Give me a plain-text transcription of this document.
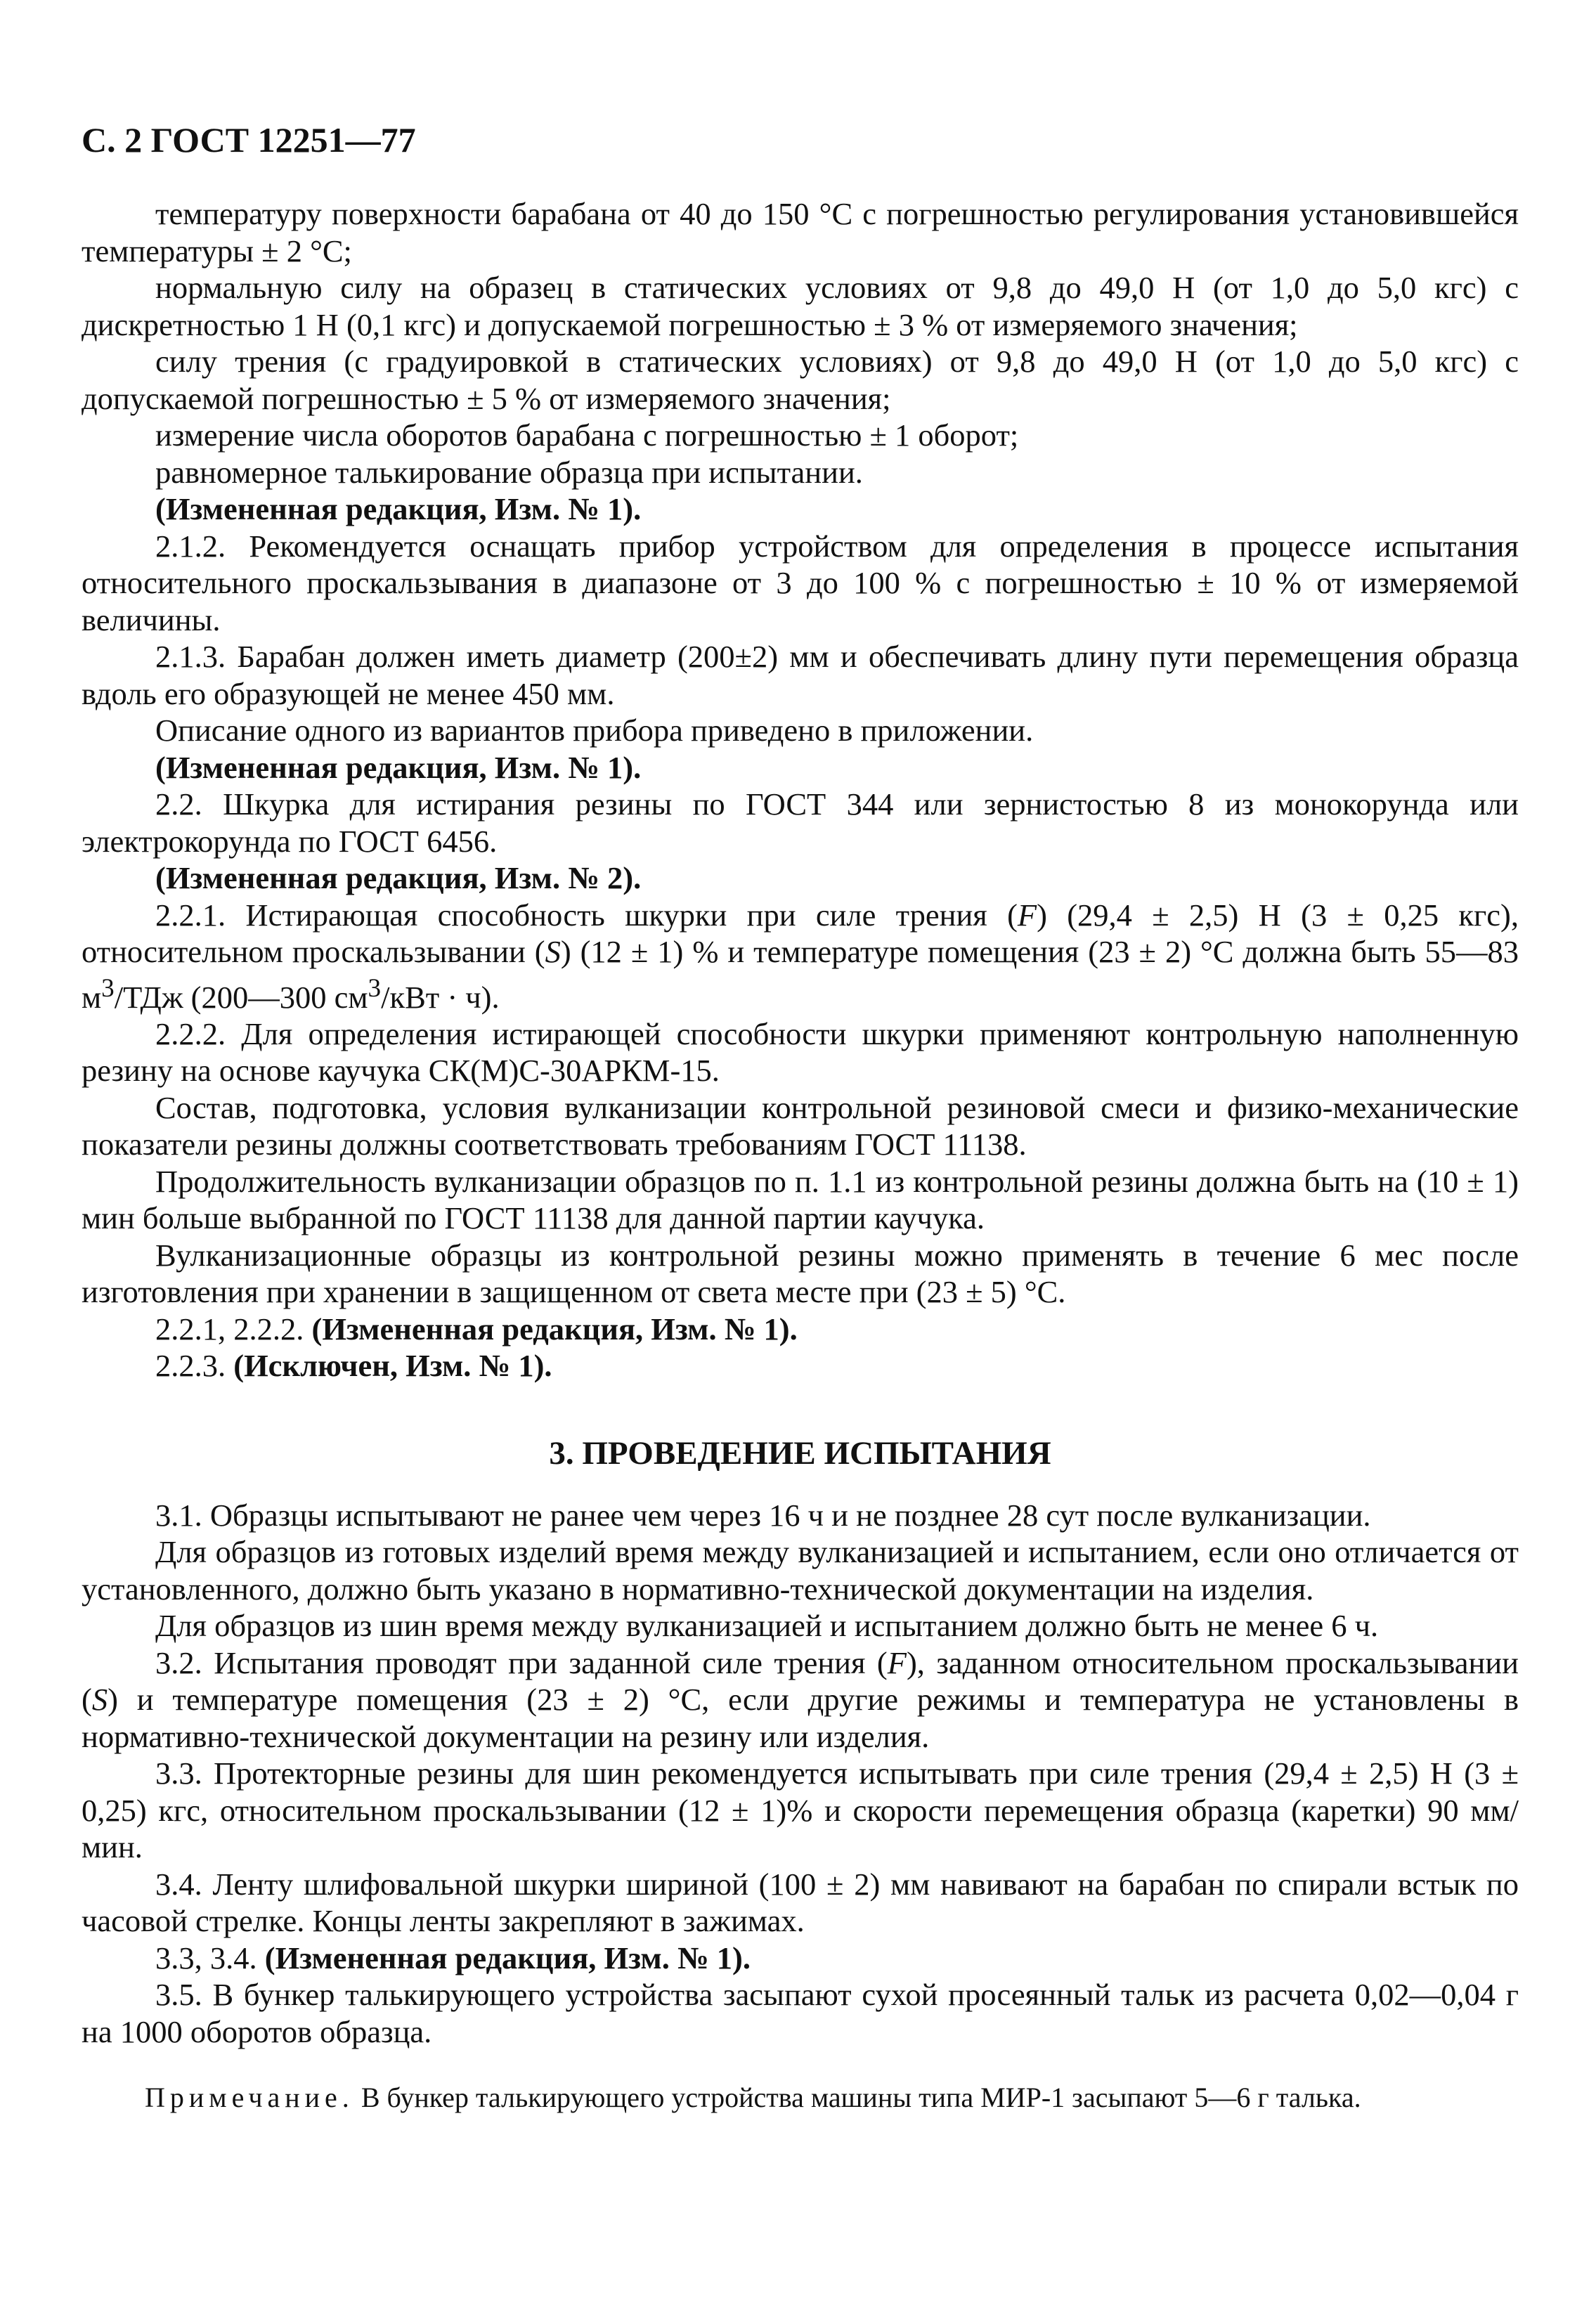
С. 2 ГОСТ 12251—77

температуру поверхности барабана от 40 до 150 °С с погрешностью регулирования установившейся температуры ± 2 °С;

нормальную силу на образец в статических условиях от 9,8 до 49,0 Н (от 1,0 до 5,0 кгс) с дискретностью 1 Н (0,1 кгс) и допускаемой погрешностью ± 3 % от измеряемого значения;

силу трения (с градуировкой в статических условиях) от 9,8 до 49,0 Н (от 1,0 до 5,0 кгс) с допускаемой погрешностью ± 5 % от измеряемого значения;

измерение числа оборотов барабана с погрешностью ± 1 оборот;

равномерное талькирование образца при испытании.

(Измененная редакция, Изм. № 1).

2.1.2. Рекомендуется оснащать прибор устройством для определения в процессе испытания относительного проскальзывания в диапазоне от 3 до 100 % с погрешностью ± 10 % от измеряемой величины.

2.1.3. Барабан должен иметь диаметр (200±2) мм и обеспечивать длину пути перемещения образца вдоль его образующей не менее 450 мм.

Описание одного из вариантов прибора приведено в приложении.

(Измененная редакция, Изм. № 1).

2.2. Шкурка для истирания резины по ГОСТ 344 или зернистостью 8 из монокорунда или электрокорунда по ГОСТ 6456.

(Измененная редакция, Изм. № 2).

2.2.1. Истирающая способность шкурки при силе трения (F) (29,4 ± 2,5) Н (3 ± 0,25 кгс), относительном проскальзывании (S) (12 ± 1) % и температуре помещения (23 ± 2) °С должна быть 55—83 $м^3$/ТДж (200—300 $см^3$/кВт · ч).

2.2.2. Для определения истирающей способности шкурки применяют контрольную наполненную резину на основе каучука СК(М)С-30АРКМ-15.

Состав, подготовка, условия вулканизации контрольной резиновой смеси и физико-механические показатели резины должны соответствовать требованиям ГОСТ 11138.

Продолжительность вулканизации образцов по п. 1.1 из контрольной резины должна быть на (10 ± 1) мин больше выбранной по ГОСТ 11138 для данной партии каучука.

Вулканизационные образцы из контрольной резины можно применять в течение 6 мес после изготовления при хранении в защищенном от света месте при (23 ± 5) °С.

2.2.1, 2.2.2. (Измененная редакция, Изм. № 1).

2.2.3. (Исключен, Изм. № 1).

3. ПРОВЕДЕНИЕ ИСПЫТАНИЯ

3.1. Образцы испытывают не ранее чем через 16 ч и не позднее 28 сут после вулканизации.

Для образцов из готовых изделий время между вулканизацией и испытанием, если оно отличается от установленного, должно быть указано в нормативно-технической документации на изделия.

Для образцов из шин время между вулканизацией и испытанием должно быть не менее 6 ч.

3.2. Испытания проводят при заданной силе трения (F), заданном относительном проскальзывании (S) и температуре помещения (23 ± 2) °С, если другие режимы и температура не установлены в нормативно-технической документации на резину или изделия.

3.3. Протекторные резины для шин рекомендуется испытывать при силе трения (29,4 ± 2,5) Н (3 ± 0,25) кгс, относительном проскальзывании (12 ± 1)% и скорости перемещения образца (каретки) 90 мм/мин.

3.4. Ленту шлифовальной шкурки шириной (100 ± 2) мм навивают на барабан по спирали встык по часовой стрелке. Концы ленты закрепляют в зажимах.

3.3, 3.4. (Измененная редакция, Изм. № 1).

3.5. В бункер талькирующего устройства засыпают сухой просеянный тальк из расчета 0,02—0,04 г на 1000 оборотов образца.

Примечание. В бункер талькирующего устройства машины типа МИР-1 засыпают 5—6 г талька.
